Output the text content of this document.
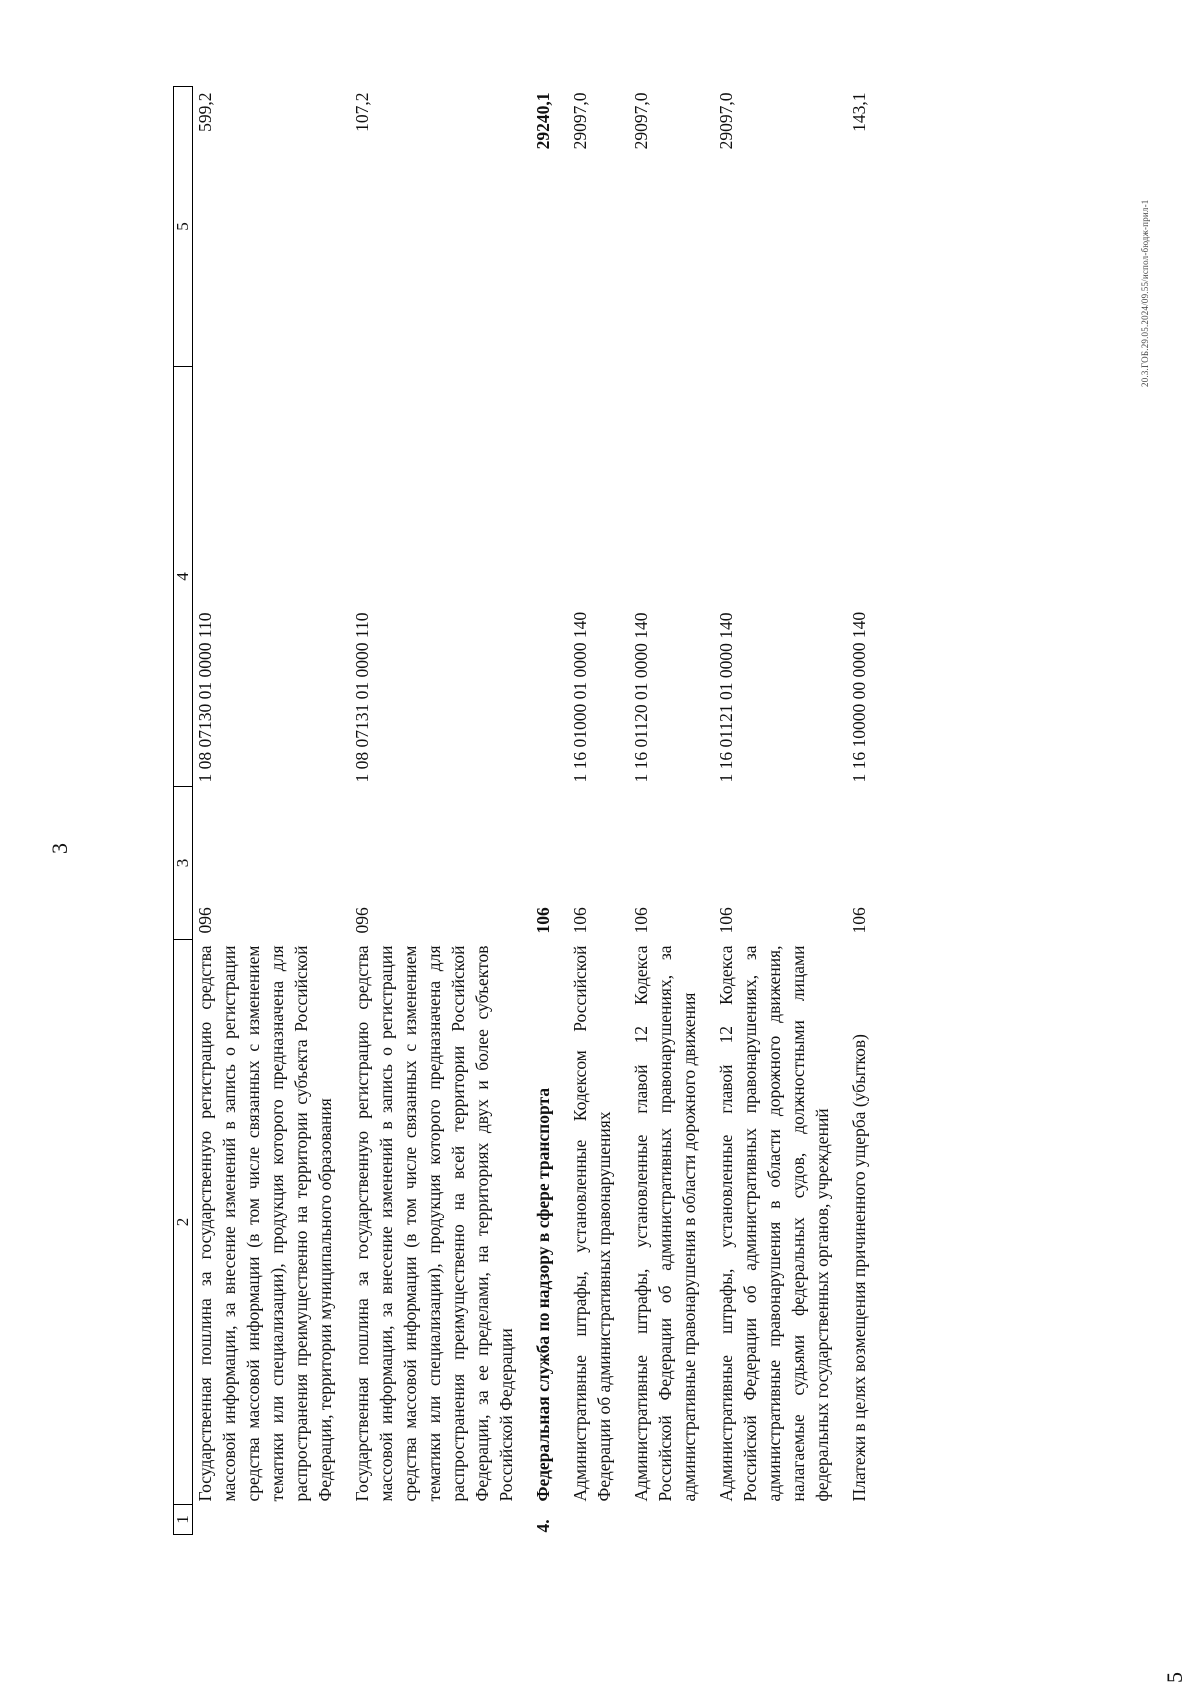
3
1	2	3	4	5
	Государственная пошлина за государственную регистрацию средства массовой информации, за внесение изменений в запись о регистрации средства массовой информации (в том числе связанных с изменением тематики или специализации), продукция которого предназначена для распространения преимущественно на территории субъекта Российской Федерации, территории муниципального образования	096	1 08 07130 01 0000 110	599,2
	Государственная пошлина за государственную регистрацию средства массовой информации, за внесение изменений в запись о регистрации средства массовой информации (в том числе связанных с изменением тематики или специализации), продукция которого предназначена для распространения преимущественно на всей территории Российской Федерации, за ее пределами, на территориях двух и более субъектов Российской Федерации	096	1 08 07131 01 0000 110	107,2
4.	Федеральная служба по надзору в сфере транспорта	106		29240,1
	Административные штрафы, установленные Кодексом Российской Федерации об административных правонарушениях	106	1 16 01000 01 0000 140	29097,0
	Административные штрафы, установленные главой 12 Кодекса Российской Федерации об административных правонарушениях, за административные правонарушения в области дорожного движения	106	1 16 01120 01 0000 140	29097,0
	Административные штрафы, установленные главой 12 Кодекса Российской Федерации об административных правонарушениях, за административные правонарушения в области дорожного движения, налагаемые судьями федеральных судов, должностными лицами федеральных государственных органов, учреждений	106	1 16 01121 01 0000 140	29097,0
	Платежи в целях возмещения причиненного ущерба (убытков)	106	1 16 10000 00 0000 140	143,1
20.3.ГОБ.29.05.2024/09.55/испол-бюдж-прил-1
5
